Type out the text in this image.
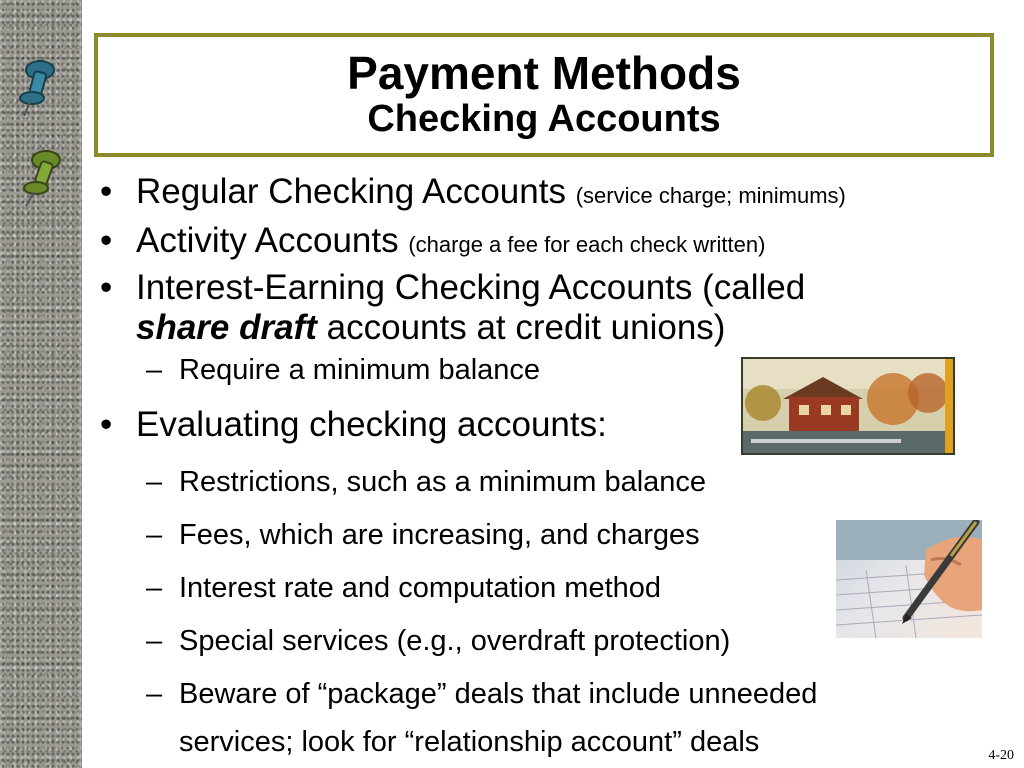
Payment Methods
Checking Accounts
• Regular Checking Accounts (service charge; minimums)
• Activity Accounts (charge a fee for each check written)
• Interest-Earning Checking Accounts (called
share draft accounts at credit unions)
– Require a minimum balance
• Evaluating checking accounts:
– Restrictions, such as a minimum balance
– Fees, which are increasing, and charges
– Interest rate and computation method
– Special services (e.g., overdraft protection)
– Beware of “package” deals that include unneeded
services; look for “relationship account” deals	4-20
